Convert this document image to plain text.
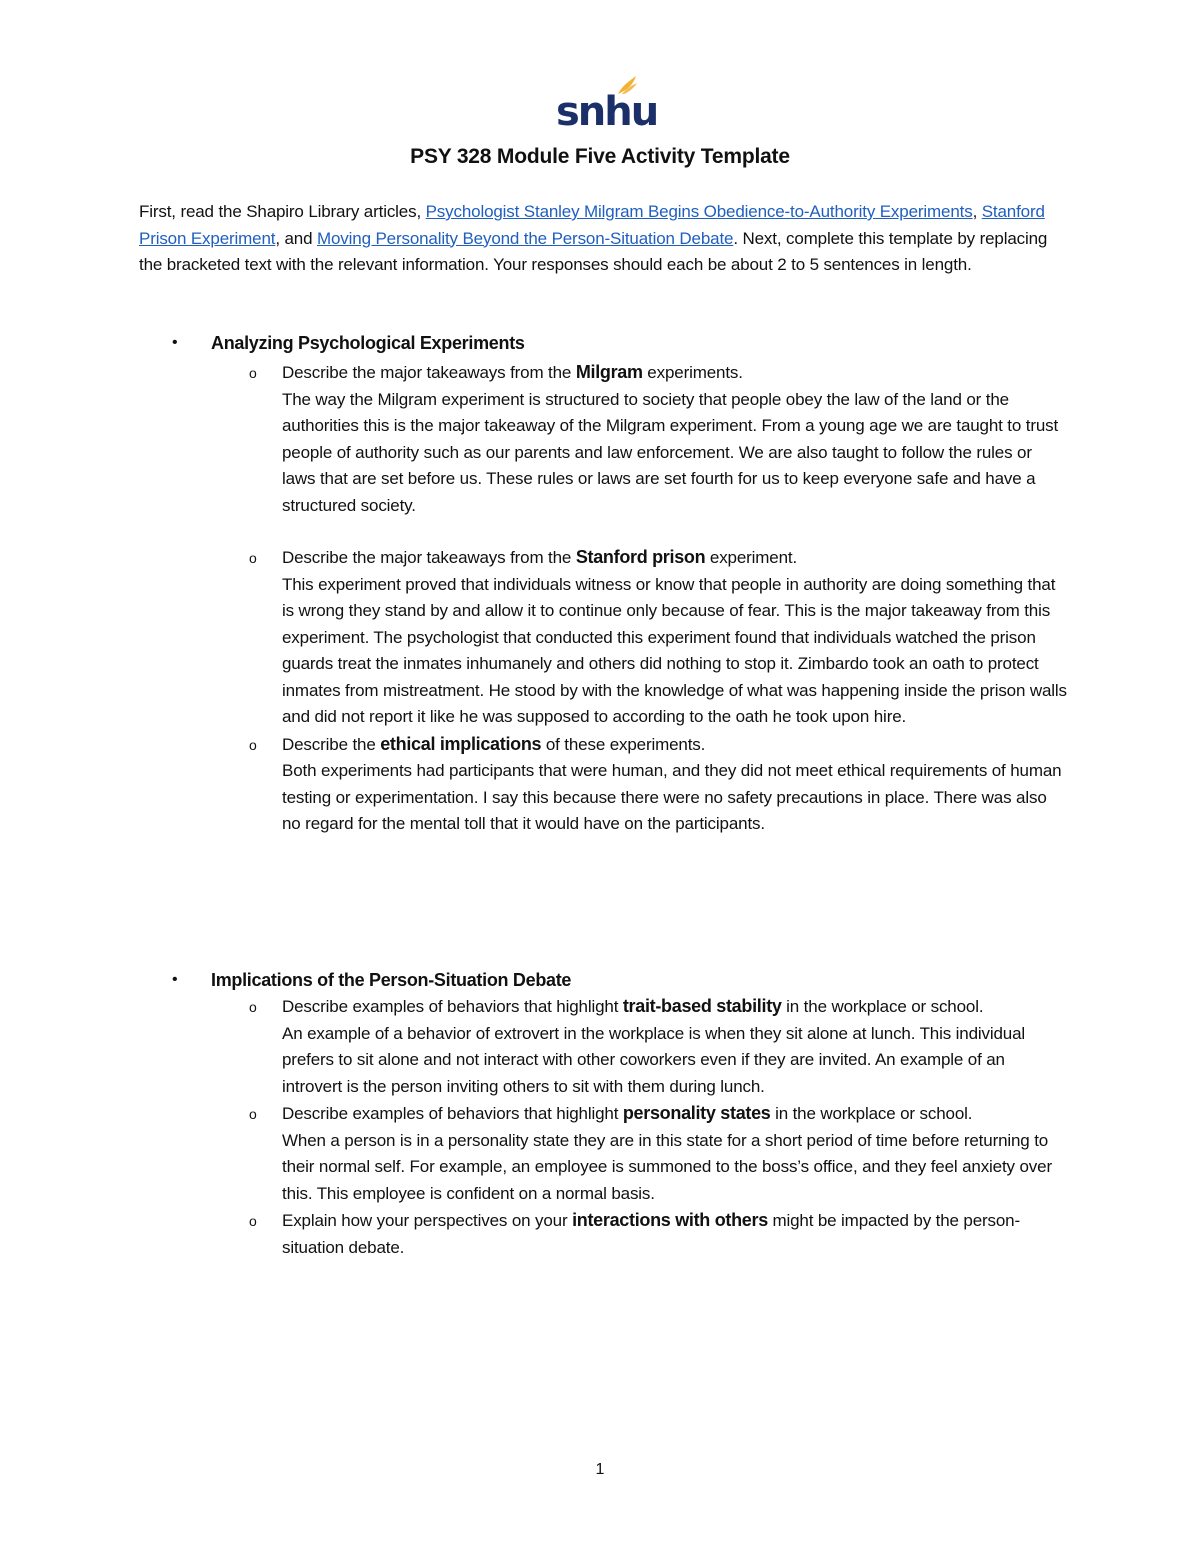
snhu
PSY 328 Module Five Activity Template
First, read the Shapiro Library articles, Psychologist Stanley Milgram Begins Obedience-to-Authority Experiments, Stanford Prison Experiment, and Moving Personality Beyond the Person-Situation Debate. Next, complete this template by replacing the bracketed text with the relevant information. Your responses should each be about 2 to 5 sentences in length.
• Analyzing Psychological Experiments
o Describe the major takeaways from the Milgram experiments.
The way the Milgram experiment is structured to society that people obey the law of the land or the authorities this is the major takeaway of the Milgram experiment. From a young age we are taught to trust people of authority such as our parents and law enforcement. We are also taught to follow the rules or laws that are set before us. These rules or laws are set fourth for us to keep everyone safe and have a structured society.
o Describe the major takeaways from the Stanford prison experiment.
This experiment proved that individuals witness or know that people in authority are doing something that is wrong they stand by and allow it to continue only because of fear. This is the major takeaway from this experiment. The psychologist that conducted this experiment found that individuals watched the prison guards treat the inmates inhumanely and others did nothing to stop it. Zimbardo took an oath to protect inmates from mistreatment. He stood by with the knowledge of what was happening inside the prison walls and did not report it like he was supposed to according to the oath he took upon hire.
o Describe the ethical implications of these experiments.
Both experiments had participants that were human, and they did not meet ethical requirements of human testing or experimentation. I say this because there were no safety precautions in place. There was also no regard for the mental toll that it would have on the participants.
• Implications of the Person-Situation Debate
o Describe examples of behaviors that highlight trait-based stability in the workplace or school.
An example of a behavior of extrovert in the workplace is when they sit alone at lunch. This individual prefers to sit alone and not interact with other coworkers even if they are invited. An example of an introvert is the person inviting others to sit with them during lunch.
o Describe examples of behaviors that highlight personality states in the workplace or school.
When a person is in a personality state they are in this state for a short period of time before returning to their normal self. For example, an employee is summoned to the boss’s office, and they feel anxiety over this. This employee is confident on a normal basis.
o Explain how your perspectives on your interactions with others might be impacted by the person-situation debate.
1
